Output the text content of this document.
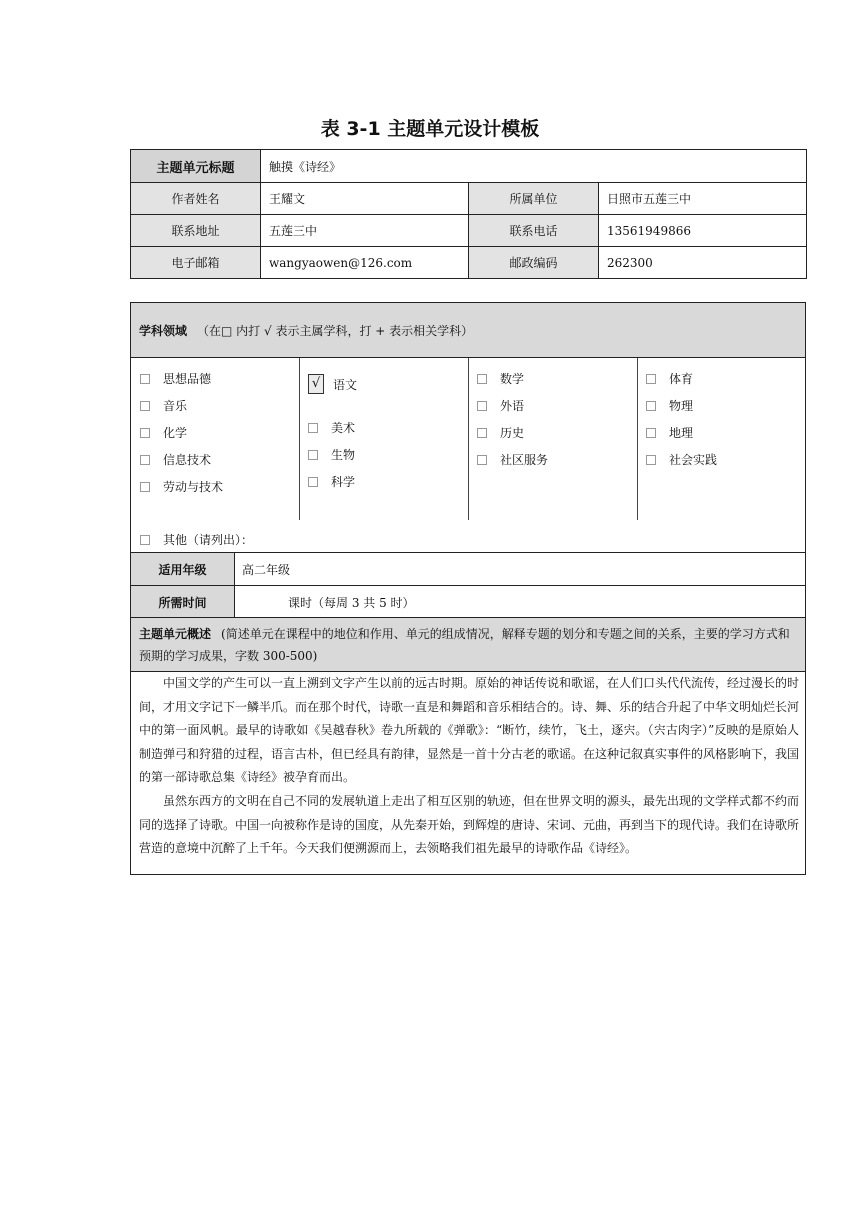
表 3-1 主题单元设计模板
主题单元标题	触摸《诗经》		
作者姓名	王耀文	所属单位	日照市五莲三中
联系地址	五莲三中	联系电话	13561949866
电子邮箱	wangyaowen@126.com	邮政编码	262300
学科领域 （在□ 内打 √ 表示主属学科，打 + 表示相关学科）
思想品德
音乐
化学
信息技术
劳动与技术
√	语文
美术
生物
科学
数学
外语
历史
社区服务
体育
物理
地理
社会实践
其他（请列出）：
适用年级	高二年级
所需时间	课时（每周 3 共 5 时）
主题单元概述 (简述单元在课程中的地位和作用、单元的组成情况，解释专题的划分和专题之间的关系，主要的学习方式和预期的学习成果，字数 300-500)

中国文学的产生可以一直上溯到文字产生以前的远古时期。原始的神话传说和歌谣，在人们口头代代流传，经过漫长的时间，才用文字记下一鳞半爪。而在那个时代，诗歌一直是和舞蹈和音乐相结合的。诗、舞、乐的结合升起了中华文明灿烂长河中的第一面风帆。最早的诗歌如《吴越春秋》卷九所载的《弹歌》：“断竹，续竹，飞土，逐宍。（宍古肉字）”反映的是原始人制造弹弓和狩猎的过程，语言古朴，但已经具有韵律，显然是一首十分古老的歌谣。在这种记叙真实事件的风格影响下，我国的第一部诗歌总集《诗经》被孕育而出。

虽然东西方的文明在自己不同的发展轨道上走出了相互区别的轨迹，但在世界文明的源头，最先出现的文学样式都不约而同的选择了诗歌。中国一向被称作是诗的国度，从先秦开始，到辉煌的唐诗、宋词、元曲，再到当下的现代诗。我们在诗歌所营造的意境中沉醉了上千年。今天我们便溯源而上，去领略我们祖先最早的诗歌作品《诗经》。
